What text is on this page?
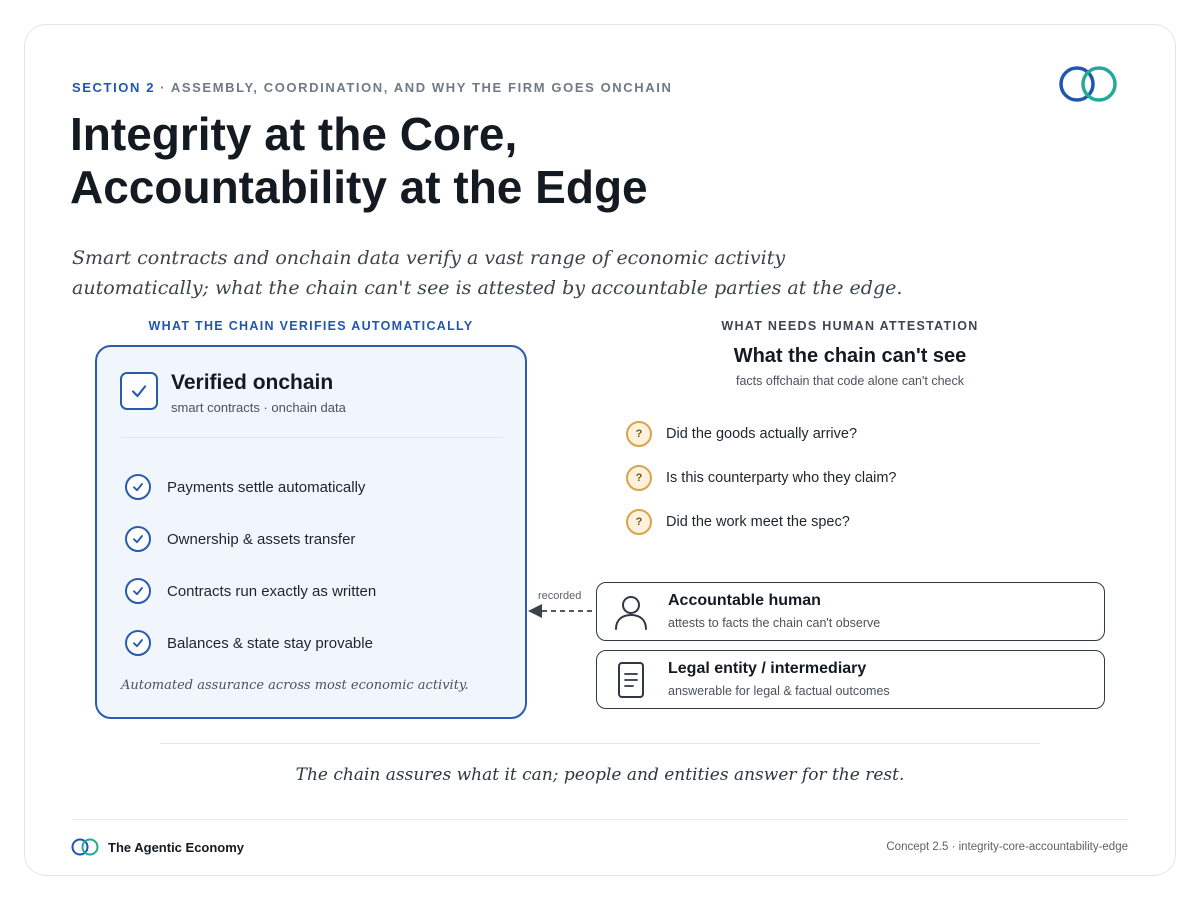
SECTION 2 · ASSEMBLY, COORDINATION, AND WHY THE FIRM GOES ONCHAIN
Integrity at the Core,
Accountability at the Edge

Smart contracts and onchain data verify a vast range of economic activity
automatically; what the chain can't see is attested by accountable parties at the edge.

WHAT THE CHAIN VERIFIES AUTOMATICALLY	WHAT NEEDS HUMAN ATTESTATION
Verified onchain
smart contracts · onchain data
Payments settle automatically
Ownership & assets transfer
Contracts run exactly as written
Balances & state stay provable
Automated assurance across most economic activity.
What the chain can't see
facts offchain that code alone can't check
?	Did the goods actually arrive?
?	Is this counterparty who they claim?
?	Did the work meet the spec?
recorded	Accountable human
attests to facts the chain can't observe
Legal entity / intermediary
answerable for legal & factual outcomes
The chain assures what it can; people and entities answer for the rest.
The Agentic Economy	Concept 2.5 · integrity-core-accountability-edge
